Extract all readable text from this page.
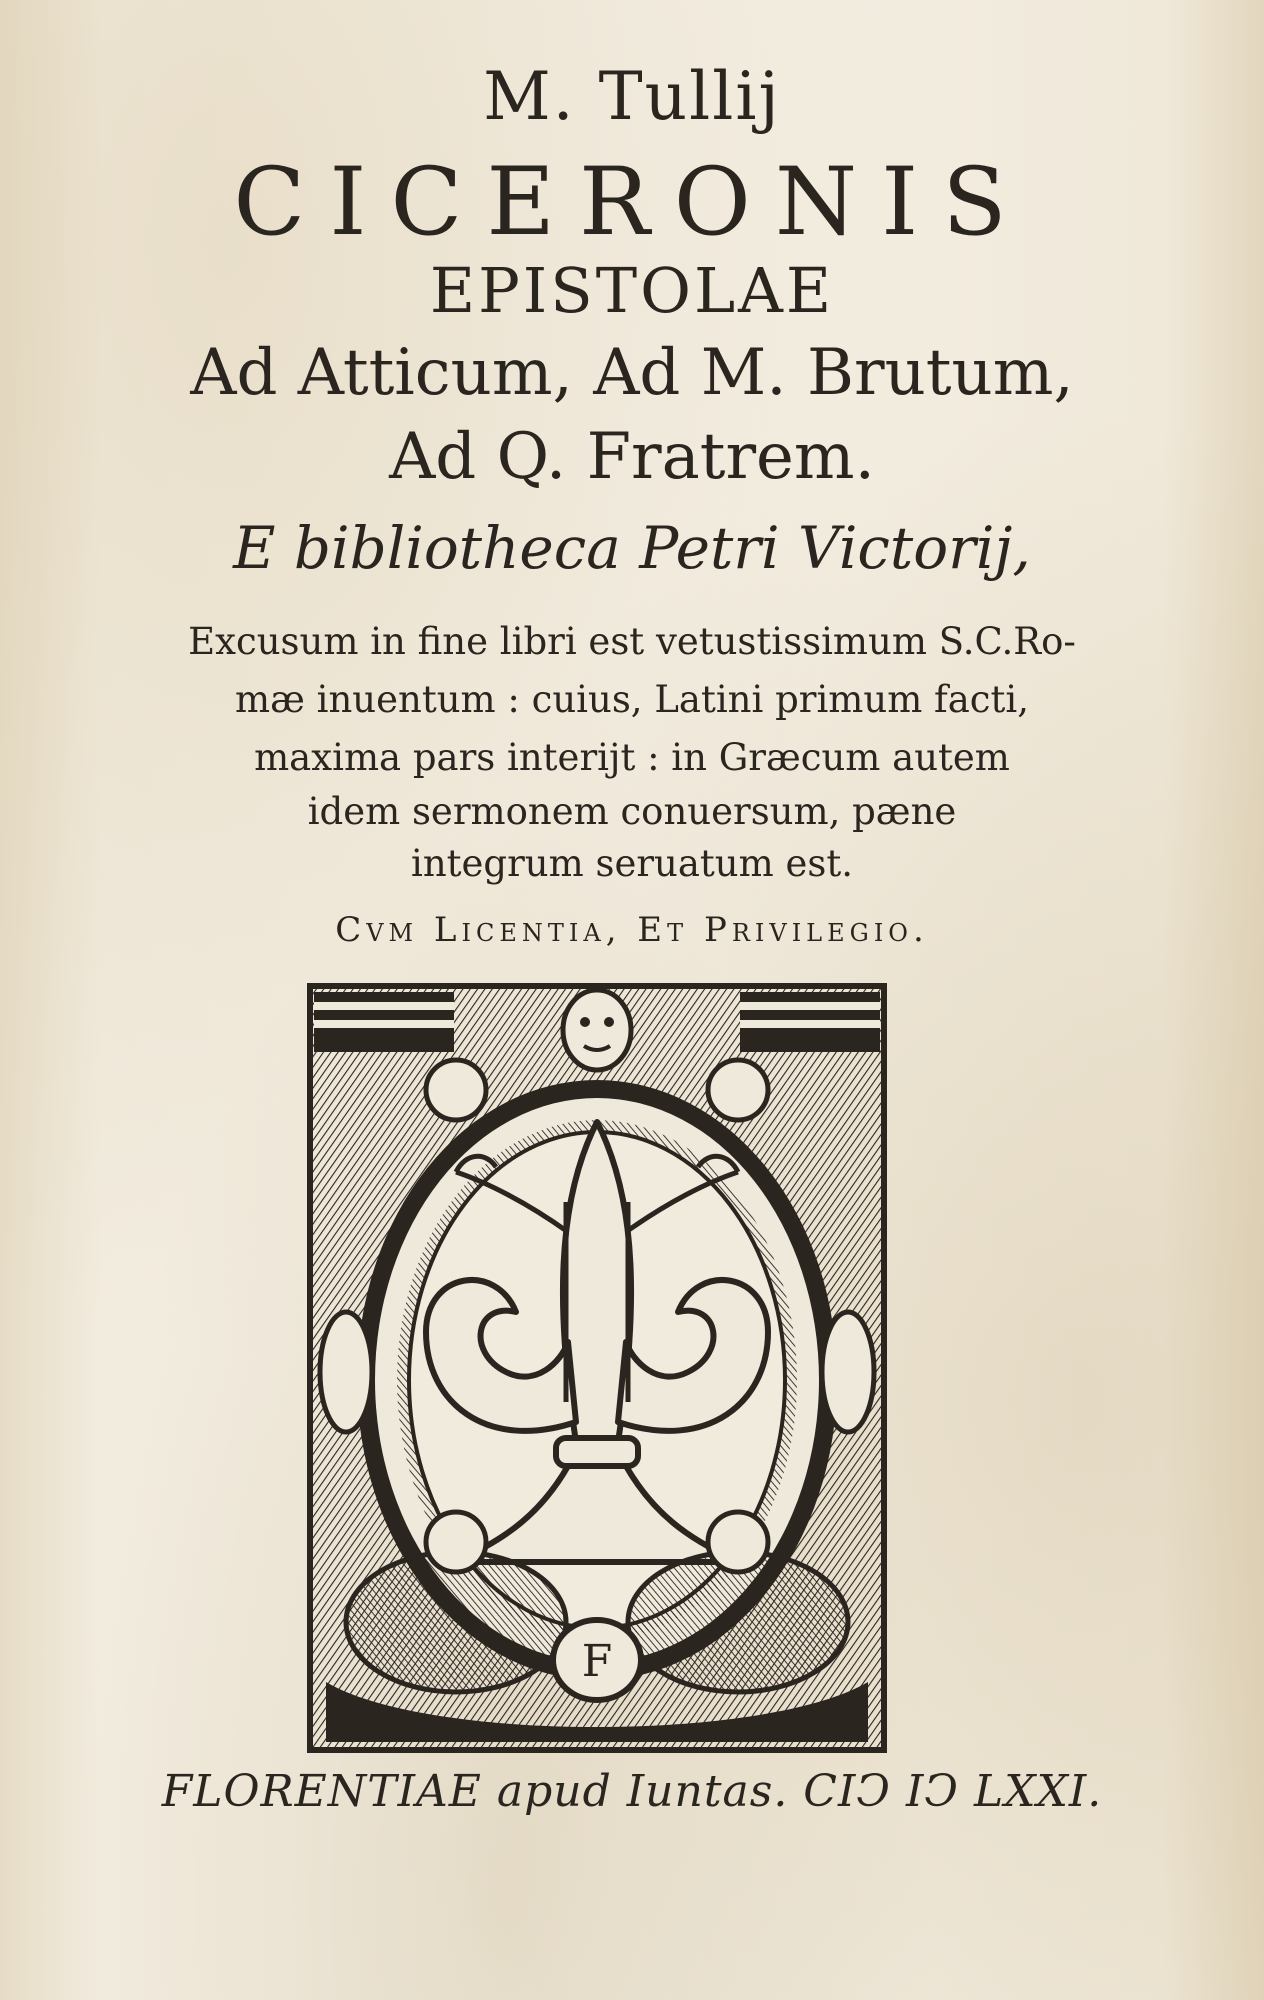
M. Tullij
CICERONIS
EPISTOLAE
Ad Atticum, Ad M. Brutum,
Ad Q. Fratrem.
E bibliotheca Petri Victorij,
Excusum in fine libri est vetustissimum S.C.Ro-
mæ inuentum : cuius, Latini primum facti,
maxima pars interijt : in Græcum autem
idem sermonem conuersum, pæne
integrum seruatum est.
Cvm Licentia, Et Privilegio.
F
FLORENTIAE apud Iuntas. CIↃ IↃ LXXI.
